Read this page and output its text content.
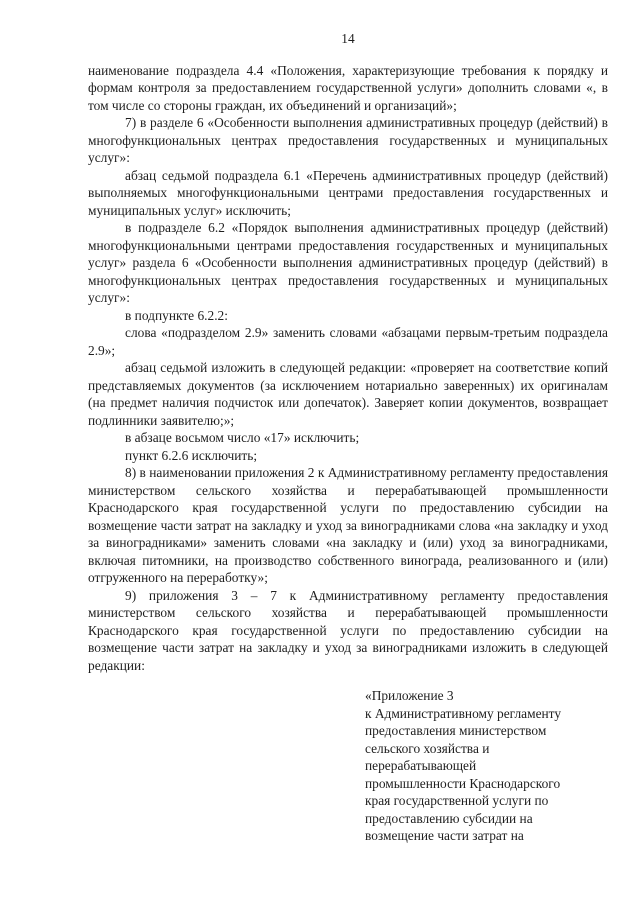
14

наименование подраздела 4.4 «Положения, характеризующие требования к порядку и формам контроля за предоставлением государственной услуги» дополнить словами «, в том числе со стороны граждан, их объединений и организаций»;

7) в разделе 6 «Особенности выполнения административных процедур (действий) в многофункциональных центрах предоставления государственных и муниципальных услуг»:

абзац седьмой подраздела 6.1 «Перечень административных процедур (действий) выполняемых многофункциональными центрами предоставления государственных и муниципальных услуг» исключить;

в подразделе 6.2 «Порядок выполнения административных процедур (действий) многофункциональными центрами предоставления государственных и муниципальных услуг» раздела 6 «Особенности выполнения административных процедур (действий) в многофункциональных центрах предоставления государственных и муниципальных услуг»:

в подпункте 6.2.2:

слова «подразделом 2.9» заменить словами «абзацами первым-третьим подраздела 2.9»;

абзац седьмой изложить в следующей редакции: «проверяет на соответствие копий представляемых документов (за исключением нотариально заверенных) их оригиналам (на предмет наличия подчисток или допечаток). Заверяет копии документов, возвращает подлинники заявителю;»;

в абзаце восьмом число «17» исключить;

пункт 6.2.6 исключить;

8) в наименовании приложения 2 к Административному регламенту предоставления министерством сельского хозяйства и перерабатывающей промышленности Краснодарского края государственной услуги по предоставлению субсидии на возмещение части затрат на закладку и уход за виноградниками слова «на закладку и уход за виноградниками» заменить словами «на закладку и (или) уход за виноградниками, включая питомники, на производство собственного винограда, реализованного и (или) отгруженного на переработку»;

9) приложения 3 – 7 к Административному регламенту предоставления министерством сельского хозяйства и перерабатывающей промышленности Краснодарского края государственной услуги по предоставлению субсидии на возмещение части затрат на закладку и уход за виноградниками изложить в следующей редакции:

«Приложение 3
к Административному регламенту
предоставления министерством
сельского хозяйства и
перерабатывающей
промышленности Краснодарского
края государственной услуги по
предоставлению субсидии на
возмещение части затрат на
